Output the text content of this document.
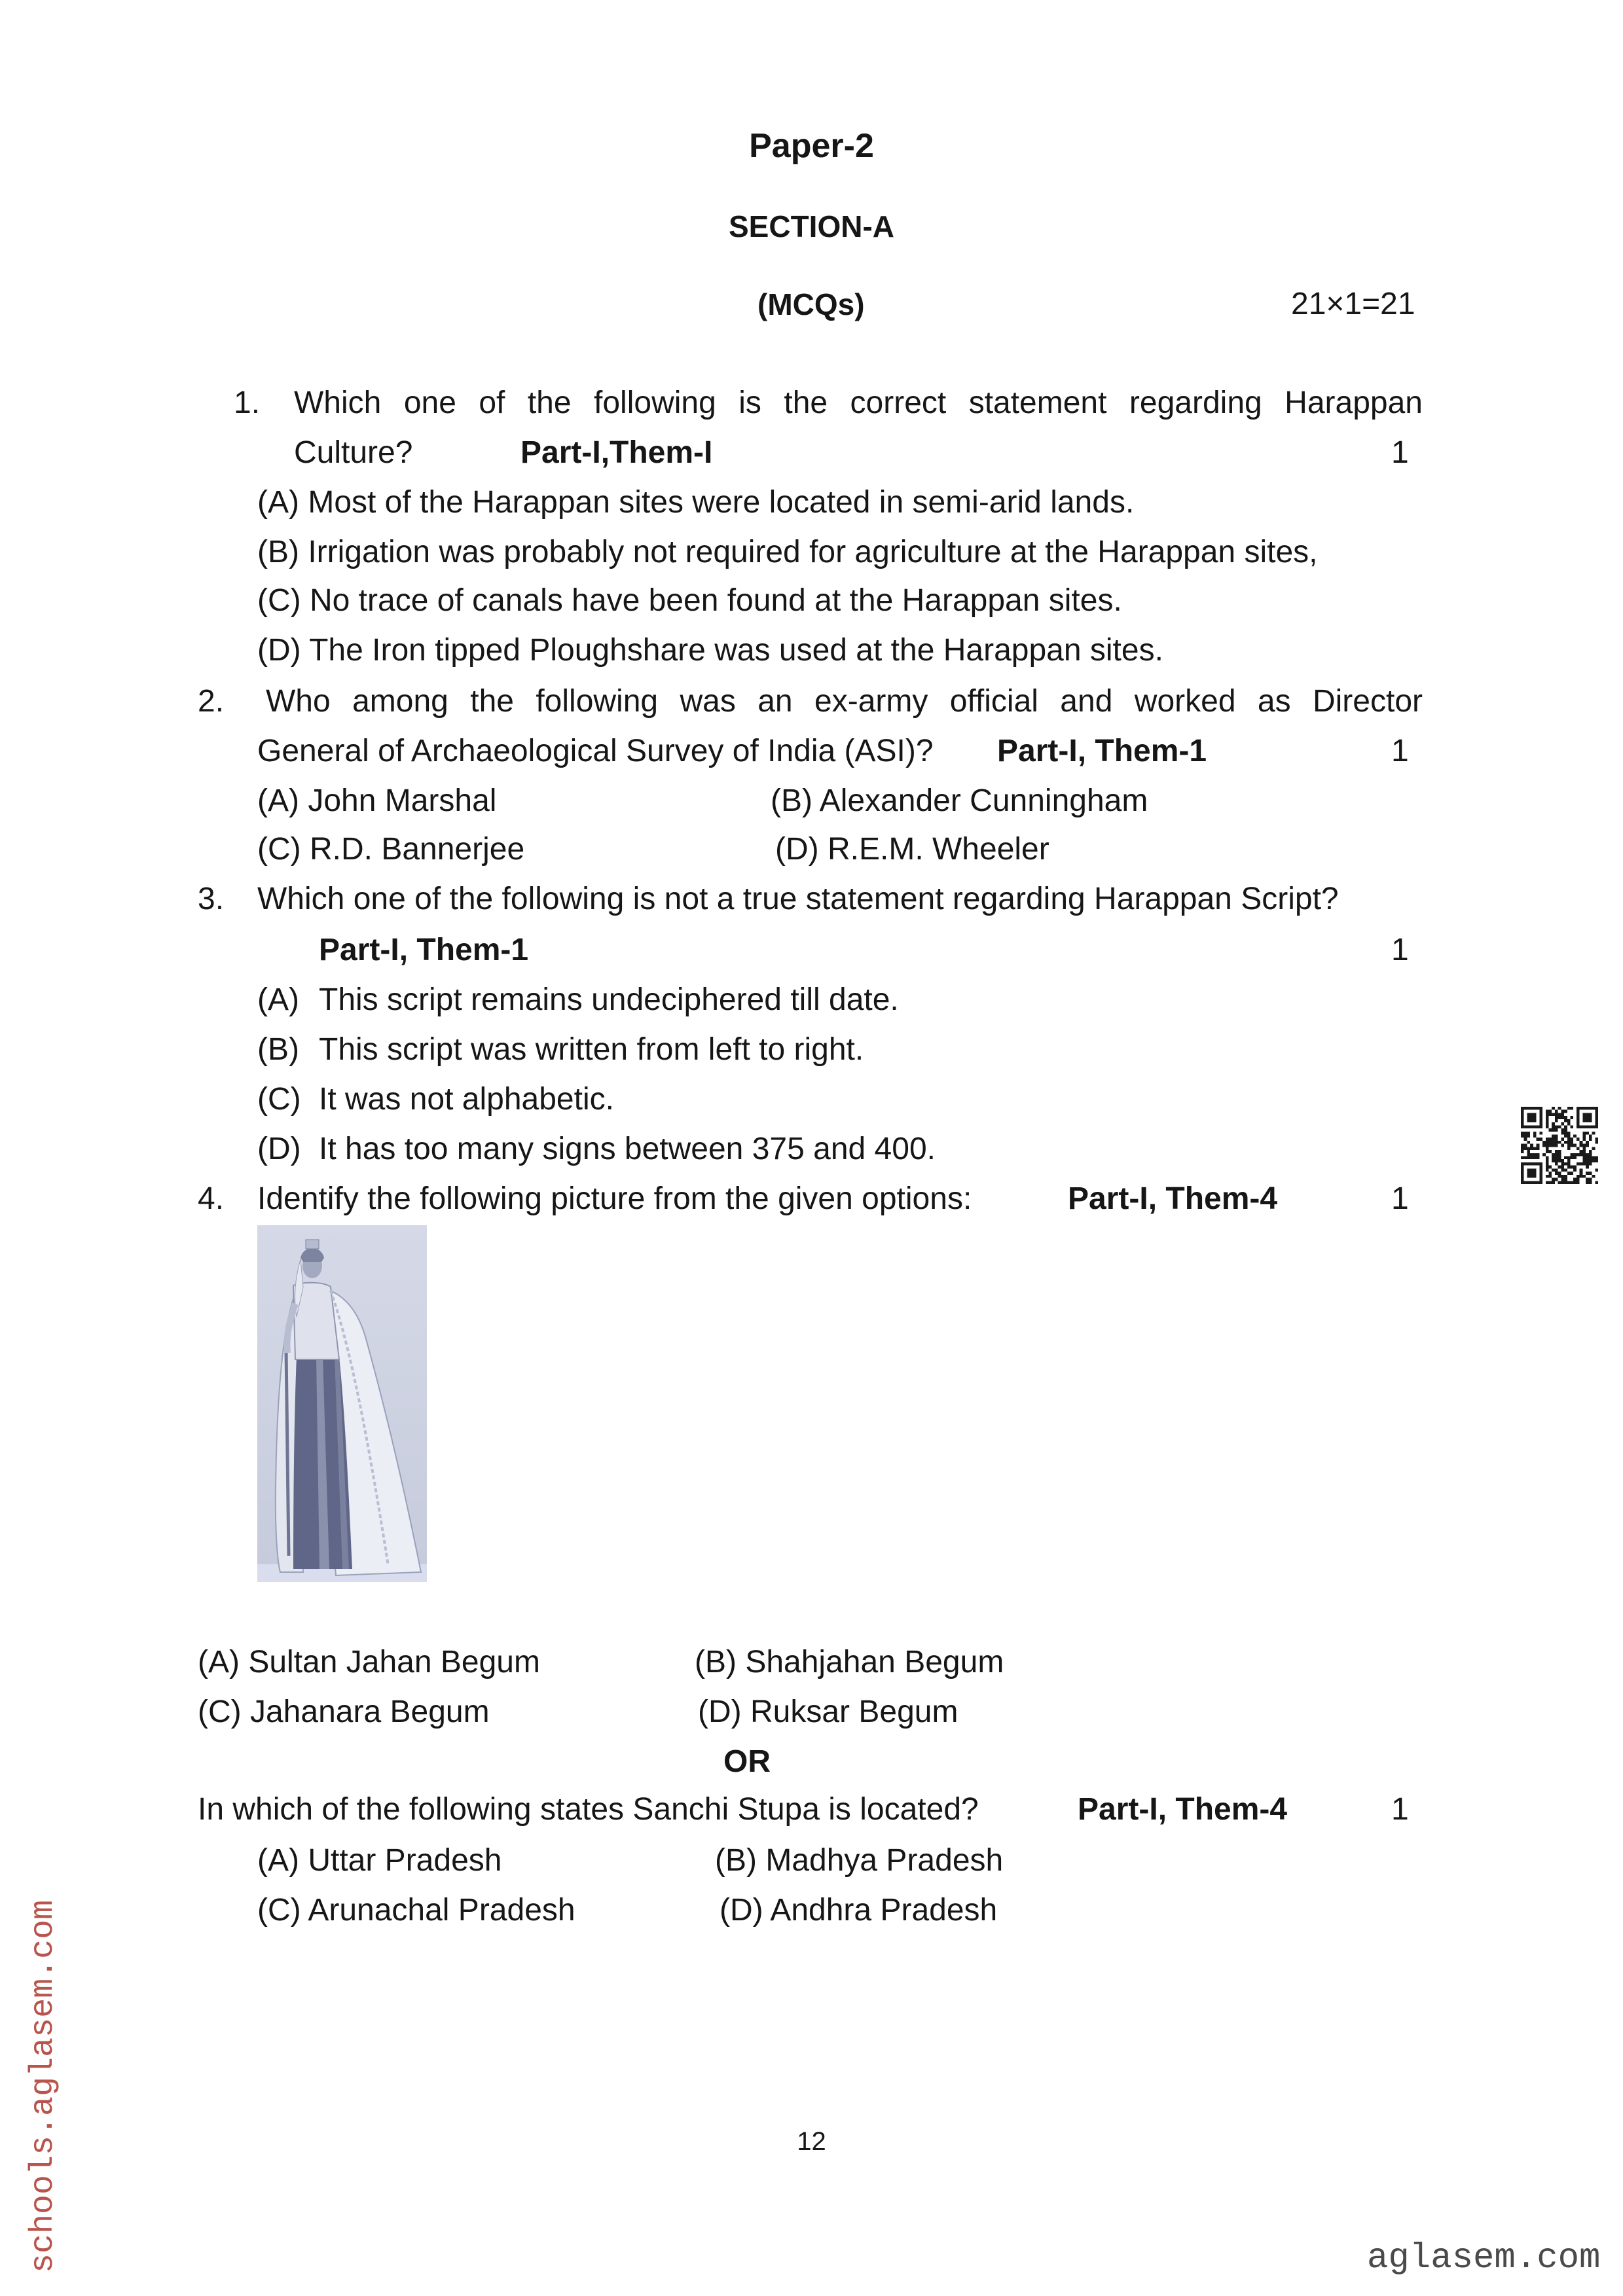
Paper-2
SECTION-A
(MCQs)	21×1=21
1. Which one of the following is the correct statement regarding Harappan
Culture?	Part-I,Them-I	1
(A) Most of the Harappan sites were located in semi-arid lands.
(B) Irrigation was probably not required for agriculture at the Harappan sites,
(C) No trace of canals have been found at the Harappan sites.
(D) The Iron tipped Ploughshare was used at the Harappan sites.
2. Who among the following was an ex-army official and worked as Director
General of Archaeological Survey of India (ASI)? Part-I, Them-1	1
(A) John Marshal	(B) Alexander Cunningham
(C) R.D. Bannerjee	(D) R.E.M. Wheeler
3. Which one of the following is not a true statement regarding Harappan Script?
Part-I, Them-1	1
(A) This script remains undeciphered till date.
(B) This script was written from left to right.
(C) It was not alphabetic.
(D) It has too many signs between 375 and 400.
4. Identify the following picture from the given options:	Part-I, Them-4	1
(A) Sultan Jahan Begum	(B) Shahjahan Begum
(C) Jahanara Begum	(D) Ruksar Begum
OR
In which of the following states Sanchi Stupa is located?	Part-I, Them-4	1
(A) Uttar Pradesh	(B) Madhya Pradesh
(C) Arunachal Pradesh	(D) Andhra Pradesh
12
schools.aglasem.com	aglasem.com
